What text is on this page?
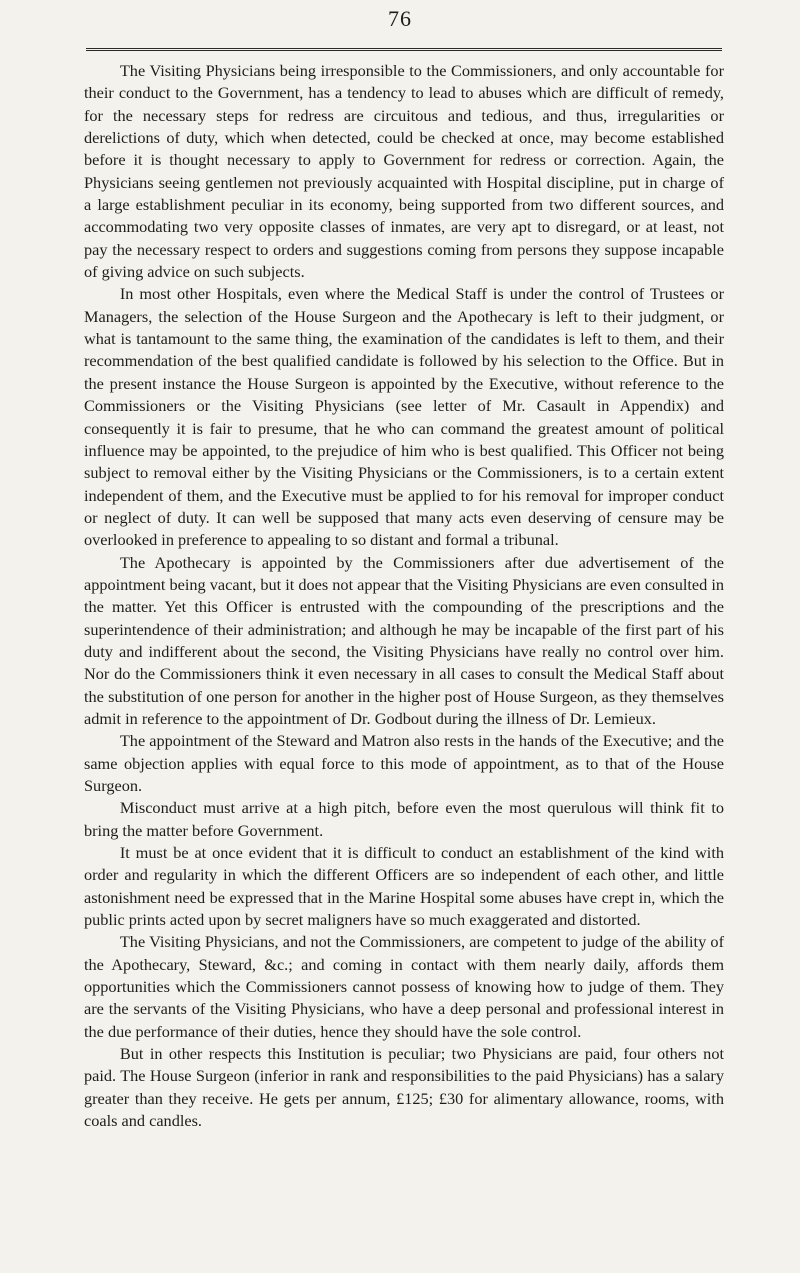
76

The Visiting Physicians being irresponsible to the Commissioners, and only accountable for their conduct to the Government, has a tendency to lead to abuses which are difficult of remedy, for the necessary steps for redress are circuitous and tedious, and thus, irregularities or derelictions of duty, which when detected, could be checked at once, may become established before it is thought necessary to apply to Government for redress or correction. Again, the Physicians seeing gentlemen not previously acquainted with Hospital discipline, put in charge of a large establishment peculiar in its economy, being supported from two different sources, and accommodating two very opposite classes of inmates, are very apt to disregard, or at least, not pay the necessary respect to orders and suggestions coming from persons they suppose incapable of giving advice on such subjects.

In most other Hospitals, even where the Medical Staff is under the control of Trustees or Managers, the selection of the House Surgeon and the Apothecary is left to their judgment, or what is tantamount to the same thing, the examination of the candidates is left to them, and their recommendation of the best qualified candidate is followed by his selection to the Office. But in the present instance the House Surgeon is appointed by the Executive, without reference to the Commissioners or the Visiting Physicians (see letter of Mr. Casault in Appendix) and consequently it is fair to presume, that he who can command the greatest amount of political influence may be appointed, to the prejudice of him who is best qualified. This Officer not being subject to removal either by the Visiting Physicians or the Commissioners, is to a certain extent independent of them, and the Executive must be applied to for his removal for improper conduct or neglect of duty. It can well be supposed that many acts even deserving of censure may be overlooked in preference to appealing to so distant and formal a tribunal.

The Apothecary is appointed by the Commissioners after due advertisement of the appointment being vacant, but it does not appear that the Visiting Physicians are even consulted in the matter. Yet this Officer is entrusted with the compounding of the prescriptions and the superintendence of their administration; and although he may be incapable of the first part of his duty and indifferent about the second, the Visiting Physicians have really no control over him. Nor do the Commissioners think it even necessary in all cases to consult the Medical Staff about the substitution of one person for another in the higher post of House Surgeon, as they themselves admit in reference to the appointment of Dr. Godbout during the illness of Dr. Lemieux.

The appointment of the Steward and Matron also rests in the hands of the Executive; and the same objection applies with equal force to this mode of appointment, as to that of the House Surgeon.

Misconduct must arrive at a high pitch, before even the most querulous will think fit to bring the matter before Government.

It must be at once evident that it is difficult to conduct an establishment of the kind with order and regularity in which the different Officers are so independent of each other, and little astonishment need be expressed that in the Marine Hospital some abuses have crept in, which the public prints acted upon by secret maligners have so much exaggerated and distorted.

The Visiting Physicians, and not the Commissioners, are competent to judge of the ability of the Apothecary, Steward, &c.; and coming in contact with them nearly daily, affords them opportunities which the Commissioners cannot possess of knowing how to judge of them. They are the servants of the Visiting Physicians, who have a deep personal and professional interest in the due performance of their duties, hence they should have the sole control.

But in other respects this Institution is peculiar; two Physicians are paid, four others not paid. The House Surgeon (inferior in rank and responsibilities to the paid Physicians) has a salary greater than they receive. He gets per annum, £125; £30 for alimentary allowance, rooms, with coals and candles.
